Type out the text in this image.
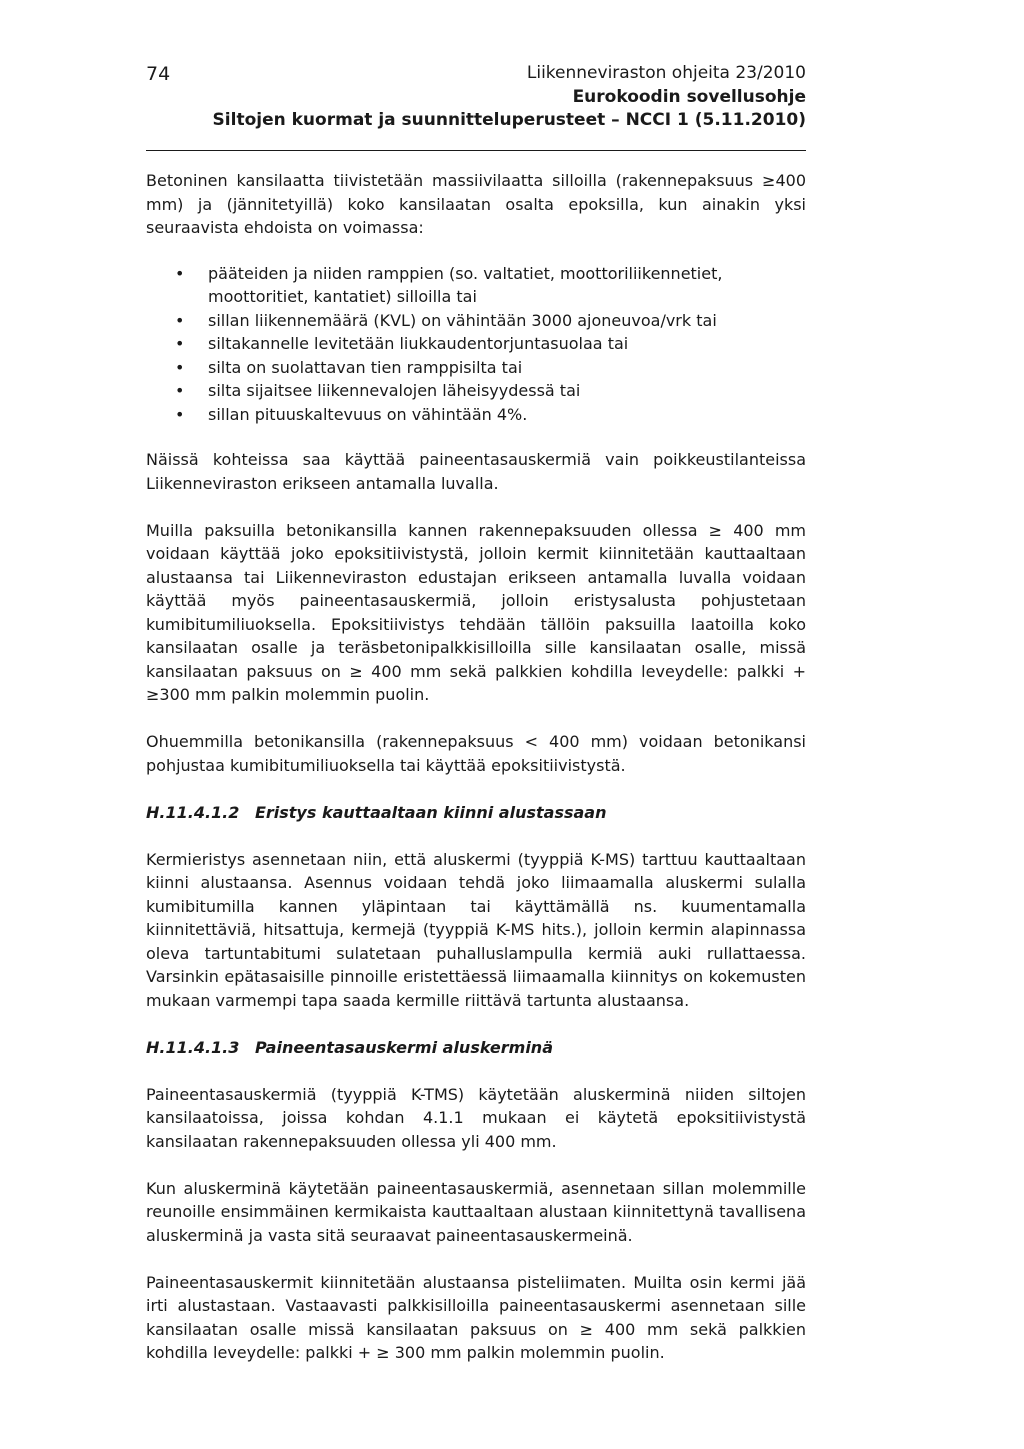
74	Liikenneviraston ohjeita 23/2010
Eurokoodin sovellusohje
Siltojen kuormat ja suunnitteluperusteet – NCCI 1 (5.11.2010)

Betoninen kansilaatta tiivistetään massiivilaatta silloilla (rakennepaksuus ≥400 mm) ja (jännitetyillä) koko kansilaatan osalta epoksilla, kun ainakin yksi seuraavista ehdoista on voimassa:

• pääteiden ja niiden ramppien (so. valtatiet, moottoriliikennetiet, moottoritiet, kantatiet) silloilla tai
• sillan liikennemäärä (KVL) on vähintään 3000 ajoneuvoa/vrk tai
• siltakannelle levitetään liukkaudentorjuntasuolaa tai
• silta on suolattavan tien ramppisilta tai
• silta sijaitsee liikennevalojen läheisyydessä tai
• sillan pituuskaltevuus on vähintään 4%.

Näissä kohteissa saa käyttää paineentasauskermiä vain poikkeustilanteissa Liikenneviraston erikseen antamalla luvalla.

Muilla paksuilla betonikansilla kannen rakennepaksuuden ollessa ≥ 400 mm voidaan käyttää joko epoksitiivistystä, jolloin kermit kiinnitetään kauttaaltaan alustaansa tai Liikenneviraston edustajan erikseen antamalla luvalla voidaan käyttää myös paineentasauskermiä, jolloin eristysalusta pohjustetaan kumibitumiliuoksella. Epoksitiivistys tehdään tällöin paksuilla laatoilla koko kansilaatan osalle ja teräsbetonipalkkisilloilla sille kansilaatan osalle, missä kansilaatan paksuus on ≥ 400 mm sekä palkkien kohdilla leveydelle: palkki + ≥300 mm palkin molemmin puolin.

Ohuemmilla betonikansilla (rakennepaksuus < 400 mm) voidaan betonikansi pohjustaa kumibitumiliuoksella tai käyttää epoksitiivistystä.

H.11.4.1.2 Eristys kauttaaltaan kiinni alustassaan

Kermieristys asennetaan niin, että aluskermi (tyyppiä K-MS) tarttuu kauttaaltaan kiinni alustaansa. Asennus voidaan tehdä joko liimaamalla aluskermi sulalla kumibitumilla kannen yläpintaan tai käyttämällä ns. kuumentamalla kiinnitettäviä, hitsattuja, kermejä (tyyppiä K-MS hits.), jolloin kermin alapinnassa oleva tartuntabitumi sulatetaan puhalluslampulla kermiä auki rullattaessa. Varsinkin epätasaisille pinnoille eristettäessä liimaamalla kiinnitys on kokemusten mukaan varmempi tapa saada kermille riittävä tartunta alustaansa.

H.11.4.1.3 Paineentasauskermi aluskerminä

Paineentasauskermiä (tyyppiä K-TMS) käytetään aluskerminä niiden siltojen kansilaatoissa, joissa kohdan 4.1.1 mukaan ei käytetä epoksitiivistystä kansilaatan rakennepaksuuden ollessa yli 400 mm.

Kun aluskerminä käytetään paineentasauskermiä, asennetaan sillan molemmille reunoille ensimmäinen kermikaista kauttaaltaan alustaan kiinnitettynä tavallisena aluskerminä ja vasta sitä seuraavat paineentasauskermeinä.

Paineentasauskermit kiinnitetään alustaansa pisteliimaten. Muilta osin kermi jää irti alustastaan. Vastaavasti palkkisilloilla paineentasauskermi asennetaan sille kansilaatan osalle missä kansilaatan paksuus on ≥ 400 mm sekä palkkien kohdilla leveydelle: palkki + ≥ 300 mm palkin molemmin puolin.
